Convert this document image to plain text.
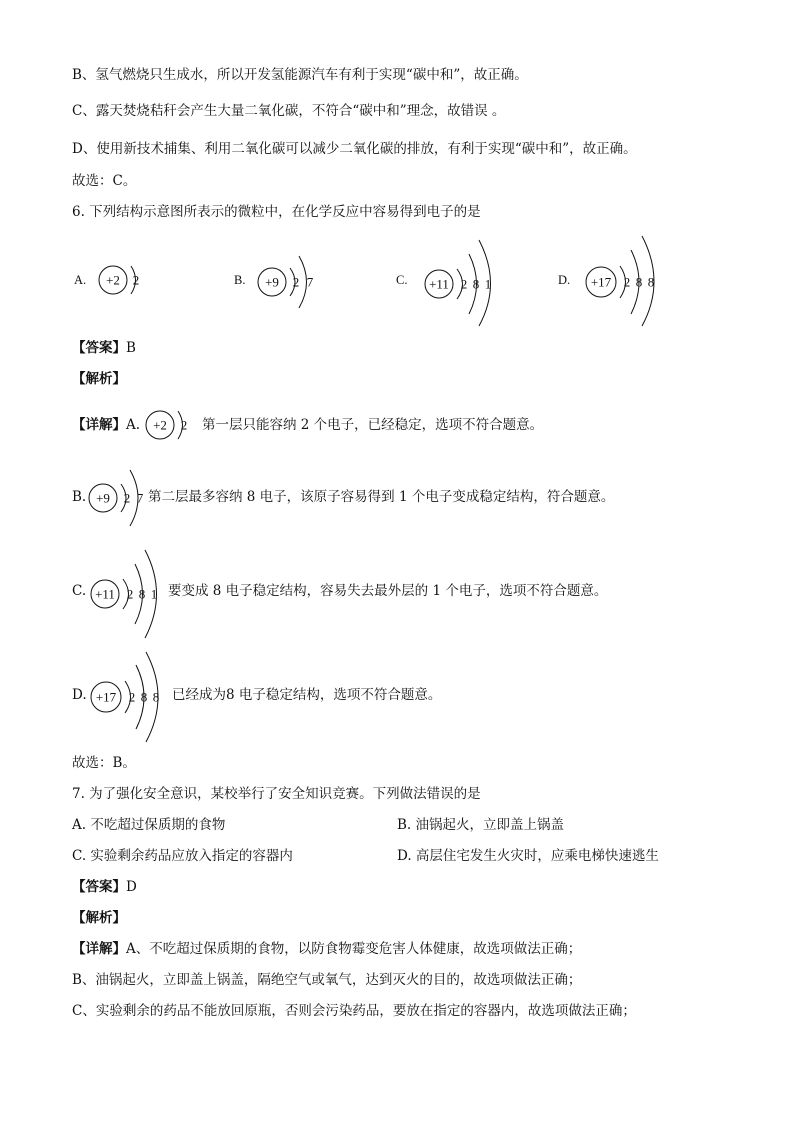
B、氢气燃烧只生成水，所以开发氢能源汽车有利于实现“碳中和”，故正确。
C、露天焚烧秸秆会产生大量二氧化碳，不符合“碳中和”理念，故错误 。
D、使用新技术捕集、利用二氧化碳可以减少二氧化碳的排放，有利于实现“碳中和”，故正确。
故选：C。
6. 下列结构示意图所表示的微粒中，在化学反应中容易得到电子的是
A. +2 2	B. +9 2 7	C. +11 2 8 1	D. +17 2 8 8
【答案】B
【解析】
【详解】A. +2 2 第一层只能容纳 2 个电子，已经稳定，选项不符合题意。
B. +9 2 7 第二层最多容纳 8 电子，该原子容易得到 1 个电子变成稳定结构，符合题意。
C. +11 2 8 1 要变成 8 电子稳定结构，容易失去最外层的 1 个电子，选项不符合题意。
D. +17 2 8 8 已经成为8 电子稳定结构，选项不符合题意。
故选：B。
7. 为了强化安全意识，某校举行了安全知识竞赛。下列做法错误的是
A. 不吃超过保质期的食物	B. 油锅起火，立即盖上锅盖
C. 实验剩余药品应放入指定的容器内	D. 高层住宅发生火灾时，应乘电梯快速逃生
【答案】D
【解析】
【详解】A、不吃超过保质期的食物，以防食物霉变危害人体健康，故选项做法正确；
B、油锅起火，立即盖上锅盖，隔绝空气或氧气，达到灭火的目的，故选项做法正确；
C、实验剩余的药品不能放回原瓶，否则会污染药品，要放在指定的容器内，故选项做法正确；
